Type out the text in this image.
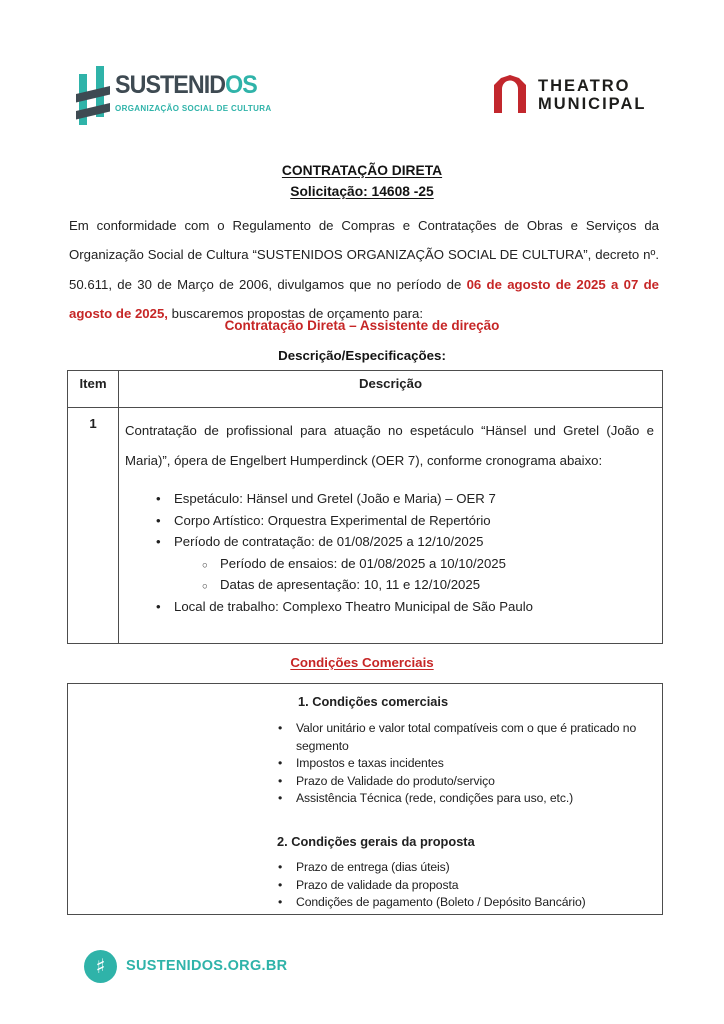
SUSTENIDOS
ORGANIZAÇÃO SOCIAL DE CULTURA
THEATRO
MUNICIPAL
CONTRATAÇÃO DIRETA
Solicitação: 14608 -25

Em conformidade com o Regulamento de Compras e Contratações de Obras e Serviços da Organização Social de Cultura “SUSTENIDOS ORGANIZAÇÃO SOCIAL DE CULTURA”, decreto nº. 50.611, de 30 de Março de 2006, divulgamos que no período de 06 de agosto de 2025 a 07 de agosto de 2025, buscaremos propostas de orçamento para:

Contratação Direta – Assistente de direção
Descrição/Especificações:
Item	Descrição
1	Contratação de profissional para atuação no espetáculo “Hänsel und Gretel (João e Maria)”, ópera de Engelbert Humperdinck (OER 7), conforme cronograma abaixo:
• Espetáculo: Hänsel und Gretel (João e Maria) – OER 7
• Corpo Artístico: Orquestra Experimental de Repertório
• Período de contratação: de 01/08/2025 a 12/10/2025
○ Período de ensaios: de 01/08/2025 a 10/10/2025
○ Datas de apresentação: 10, 11 e 12/10/2025
• Local de trabalho: Complexo Theatro Municipal de São Paulo
Condições Comerciais
1. Condições comerciais
• Valor unitário e valor total compatíveis com o que é praticado no segmento
• Impostos e taxas incidentes
• Prazo de Validade do produto/serviço
• Assistência Técnica (rede, condições para uso, etc.)
2. Condições gerais da proposta
• Prazo de entrega (dias úteis)
• Prazo de validade da proposta
• Condições de pagamento (Boleto / Depósito Bancário)
♯	SUSTENIDOS.ORG.BR
